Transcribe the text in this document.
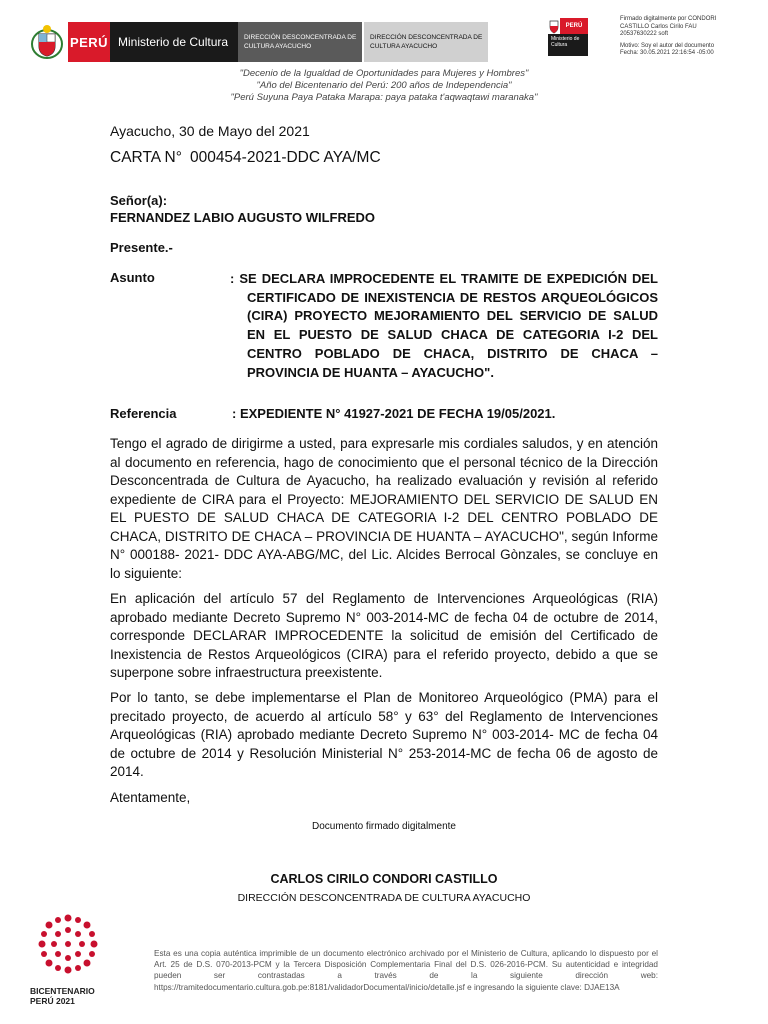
PERÚ Ministerio de Cultura	DIRECCIÓN DESCONCENTRADA DE CULTURA AYACUCHO
DIRECCIÓN DESCONCENTRADA DE CULTURA AYACUCHO
PERÚ
Ministerio de Cultura
Firmado digitalmente por CONDORI
CASTILLO Carlos Cirilo FAU
20537630222 soft
Motivo: Soy el autor del documento
Fecha: 30.05.2021 22:16:54 -05:00
"Decenio de la Igualdad de Oportunidades para Mujeres y Hombres"
"Año del Bicentenario del Perú: 200 años de Independencia"
"Perú Suyuna Paya Pataka Marapa: paya pataka t'aqwaqtawi maranaka"
Ayacucho, 30 de Mayo del 2021
CARTA N° 000454-2021-DDC AYA/MC
Señor(a):
FERNANDEZ LABIO AUGUSTO WILFREDO
Presente.-
Asunto	: SE DECLARA IMPROCEDENTE EL TRAMITE DE EXPEDICIÓN DEL CERTIFICADO DE INEXISTENCIA DE RESTOS ARQUEOLÓGICOS (CIRA) PROYECTO MEJORAMIENTO DEL SERVICIO DE SALUD EN EL PUESTO DE SALUD CHACA DE CATEGORIA I-2 DEL CENTRO POBLADO DE CHACA, DISTRITO DE CHACA – PROVINCIA DE HUANTA – AYACUCHO".
Referencia	: EXPEDIENTE N° 41927-2021 DE FECHA 19/05/2021.
Tengo el agrado de dirigirme a usted, para expresarle mis cordiales saludos, y en atención al documento en referencia, hago de conocimiento que el personal técnico de la Dirección Desconcentrada de Cultura de Ayacucho, ha realizado evaluación y revisión al referido expediente de CIRA para el Proyecto: MEJORAMIENTO DEL SERVICIO DE SALUD EN EL PUESTO DE SALUD CHACA DE CATEGORIA I-2 DEL CENTRO POBLADO DE CHACA, DISTRITO DE CHACA – PROVINCIA DE HUANTA – AYACUCHO", según Informe N° 000188- 2021- DDC AYA-ABG/MC, del Lic. Alcides Berrocal Gònzales, se concluye en lo siguiente:
En aplicación del artículo 57 del Reglamento de Intervenciones Arqueológicas (RIA) aprobado mediante Decreto Supremo N° 003-2014-MC de fecha 04 de octubre de 2014, corresponde DECLARAR IMPROCEDENTE la solicitud de emisión del Certificado de Inexistencia de Restos Arqueológicos (CIRA) para el referido proyecto, debido a que se superpone sobre infraestructura preexistente.
Por lo tanto, se debe implementarse el Plan de Monitoreo Arqueológico (PMA) para el precitado proyecto, de acuerdo al artículo 58° y 63° del Reglamento de Intervenciones Arqueológicas (RIA) aprobado mediante Decreto Supremo N° 003-2014- MC de fecha 04 de octubre de 2014 y Resolución Ministerial N° 253-2014-MC de fecha 06 de agosto de 2014.
Atentamente,
Documento firmado digitalmente
CARLOS CIRILO CONDORI CASTILLO
DIRECCIÓN DESCONCENTRADA DE CULTURA AYACUCHO
BICENTENARIO
PERÚ 2021
Esta es una copia auténtica imprimible de un documento electrónico archivado por el Ministerio de Cultura, aplicando lo dispuesto por el Art. 25 de D.S. 070-2013-PCM y la Tercera Disposición Complementaria Final del D.S. 026-2016-PCM. Su autenticidad e integridad pueden ser contrastadas a través de la siguiente dirección web: https://tramitedocumentario.cultura.gob.pe:8181/validadorDocumental/inicio/detalle.jsf e ingresando la siguiente clave: DJAE13A
